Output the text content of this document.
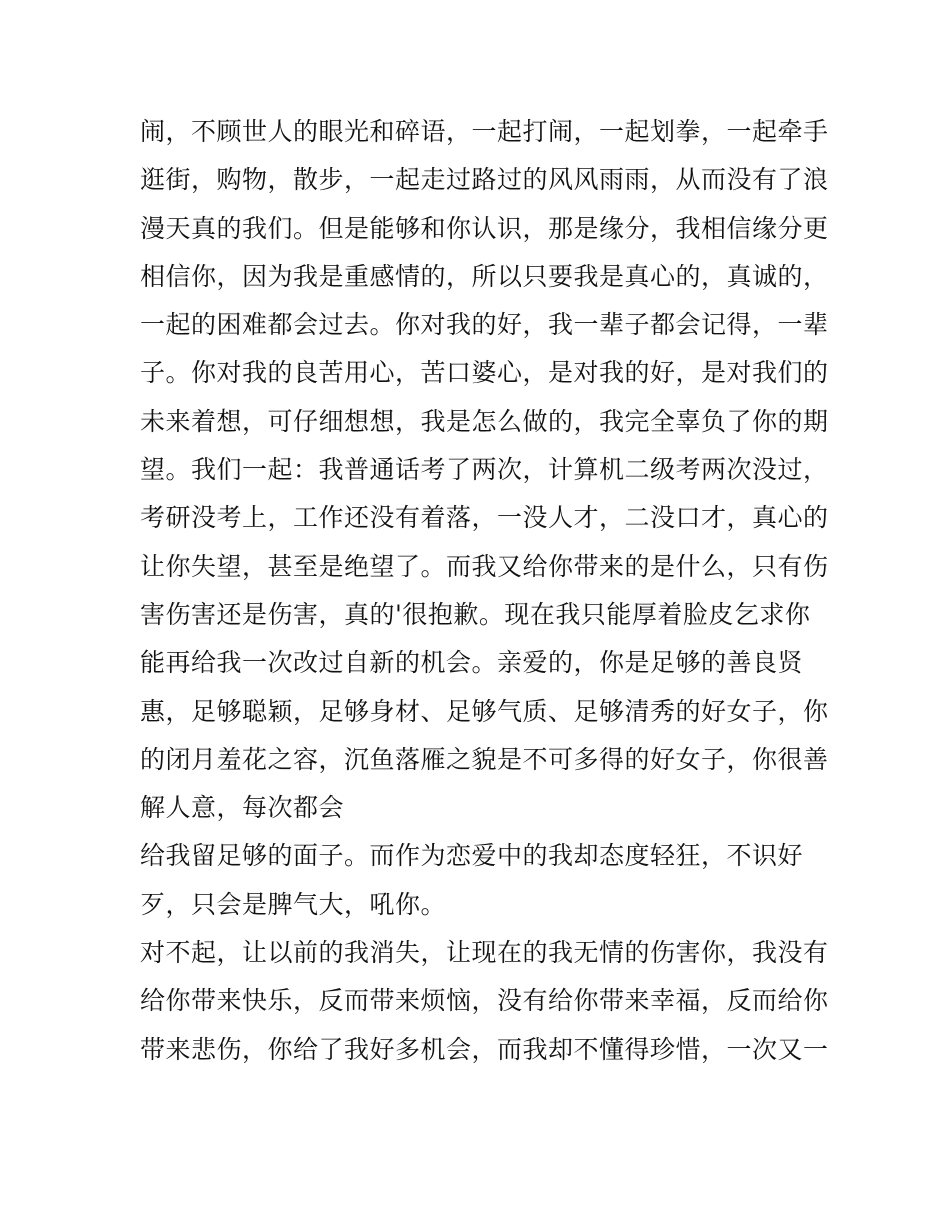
闹，不顾世人的眼光和碎语，一起打闹，一起划拳，一起牵手
逛街，购物，散步，一起走过路过的风风雨雨，从而没有了浪
漫天真的我们。但是能够和你认识，那是缘分，我相信缘分更
相信你，因为我是重感情的，所以只要我是真心的，真诚的，
一起的困难都会过去。你对我的好，我一辈子都会记得，一辈
子。你对我的良苦用心，苦口婆心，是对我的好，是对我们的
未来着想，可仔细想想，我是怎么做的，我完全辜负了你的期
望。我们一起：我普通话考了两次，计算机二级考两次没过，
考研没考上，工作还没有着落，一没人才，二没口才，真心的
让你失望，甚至是绝望了。而我又给你带来的是什么，只有伤
害伤害还是伤害，真的'很抱歉。现在我只能厚着脸皮乞求你
能再给我一次改过自新的机会。亲爱的，你是足够的善良贤
惠，足够聪颖，足够身材、足够气质、足够清秀的好女子，你
的闭月羞花之容，沉鱼落雁之貌是不可多得的好女子，你很善
解人意，每次都会
给我留足够的面子。而作为恋爱中的我却态度轻狂，不识好
歹，只会是脾气大，吼你。
对不起，让以前的我消失，让现在的我无情的伤害你，我没有
给你带来快乐，反而带来烦恼，没有给你带来幸福，反而给你
带来悲伤，你给了我好多机会，而我却不懂得珍惜，一次又一
